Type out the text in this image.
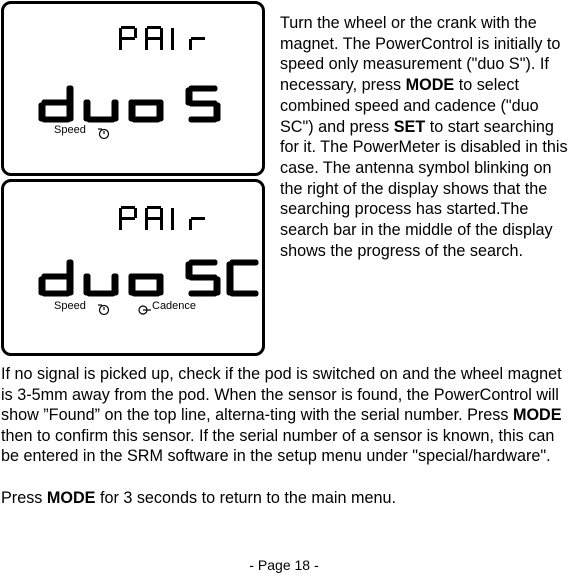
Speed
Speed	Cadence

Turn the wheel or the crank with the magnet. The PowerControl is initially to speed only measurement ("duo S"). If necessary, press MODE to select combined speed and cadence ("duo SC") and press SET to start searching for it. The PowerMeter is disabled in this case. The antenna symbol blinking on the right of the display shows that the searching process has started.The search bar in the middle of the display shows the progress of the search.

If no signal is picked up, check if the pod is switched on and the wheel magnet is 3-5mm away from the pod. When the sensor is found, the PowerControl will show ”Found” on the top line, alterna-ting with the serial number. Press MODE then to confirm this sensor. If the serial number of a sensor is known, this can be entered in the SRM software in the setup menu under "special/hardware".

Press MODE for 3 seconds to return to the main menu.

- Page 18 -
